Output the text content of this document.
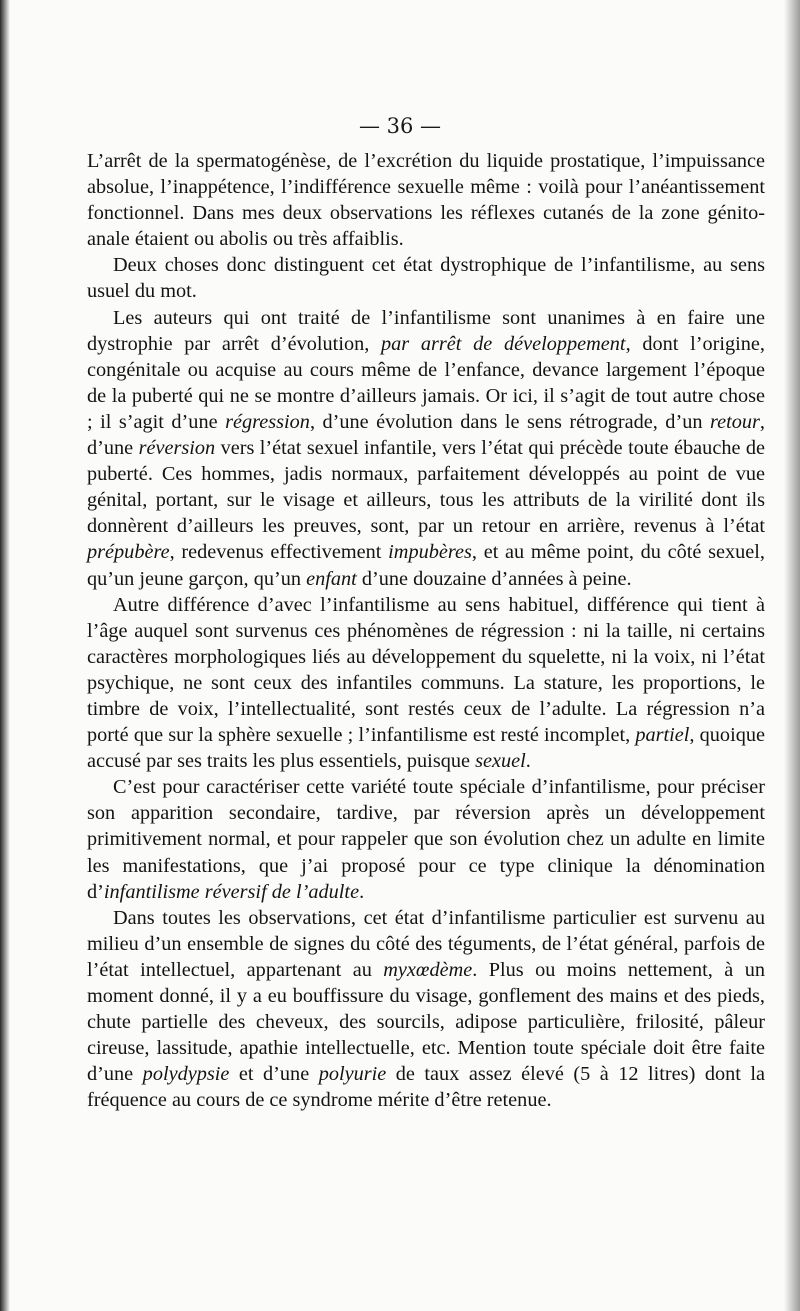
— 36 —

L’arrêt de la spermatogénèse, de l’excrétion du liquide prostatique, l’impuissance absolue, l’inappétence, l’indifférence sexuelle même : voilà pour l’anéantissement fonctionnel. Dans mes deux observations les réflexes cutanés de la zone génito-anale étaient ou abolis ou très affaiblis.

Deux choses donc distinguent cet état dystrophique de l’infantilisme, au sens usuel du mot.

Les auteurs qui ont traité de l’infantilisme sont unanimes à en faire une dystrophie par arrêt d’évolution, par arrêt de développement, dont l’origine, congénitale ou acquise au cours même de l’enfance, devance largement l’époque de la puberté qui ne se montre d’ailleurs jamais. Or ici, il s’agit de tout autre chose ; il s’agit d’une régression, d’une évolution dans le sens rétrograde, d’un retour, d’une réversion vers l’état sexuel infantile, vers l’état qui précède toute ébauche de puberté. Ces hommes, jadis normaux, parfaitement développés au point de vue génital, portant, sur le visage et ailleurs, tous les attributs de la virilité dont ils donnèrent d’ailleurs les preuves, sont, par un retour en arrière, revenus à l’état prépubère, redevenus effectivement impubères, et au même point, du côté sexuel, qu’un jeune garçon, qu’un enfant d’une douzaine d’années à peine.

Autre différence d’avec l’infantilisme au sens habituel, différence qui tient à l’âge auquel sont survenus ces phénomènes de régression : ni la taille, ni certains caractères morphologiques liés au développement du squelette, ni la voix, ni l’état psychique, ne sont ceux des infantiles communs. La stature, les proportions, le timbre de voix, l’intellectualité, sont restés ceux de l’adulte. La régression n’a porté que sur la sphère sexuelle ; l’infantilisme est resté incomplet, partiel, quoique accusé par ses traits les plus essentiels, puisque sexuel.

C’est pour caractériser cette variété toute spéciale d’infantilisme, pour préciser son apparition secondaire, tardive, par réversion après un développement primitivement normal, et pour rappeler que son évolution chez un adulte en limite les manifestations, que j’ai proposé pour ce type clinique la dénomination d’infantilisme réversif de l’adulte.

Dans toutes les observations, cet état d’infantilisme particulier est survenu au milieu d’un ensemble de signes du côté des téguments, de l’état général, parfois de l’état intellectuel, appartenant au myxœdème. Plus ou moins nettement, à un moment donné, il y a eu bouffissure du visage, gonflement des mains et des pieds, chute partielle des cheveux, des sourcils, adipose particulière, frilosité, pâleur cireuse, lassitude, apathie intellectuelle, etc. Mention toute spéciale doit être faite d’une polydypsie et d’une polyurie de taux assez élevé (5 à 12 litres) dont la fréquence au cours de ce syndrome mérite d’être retenue.
